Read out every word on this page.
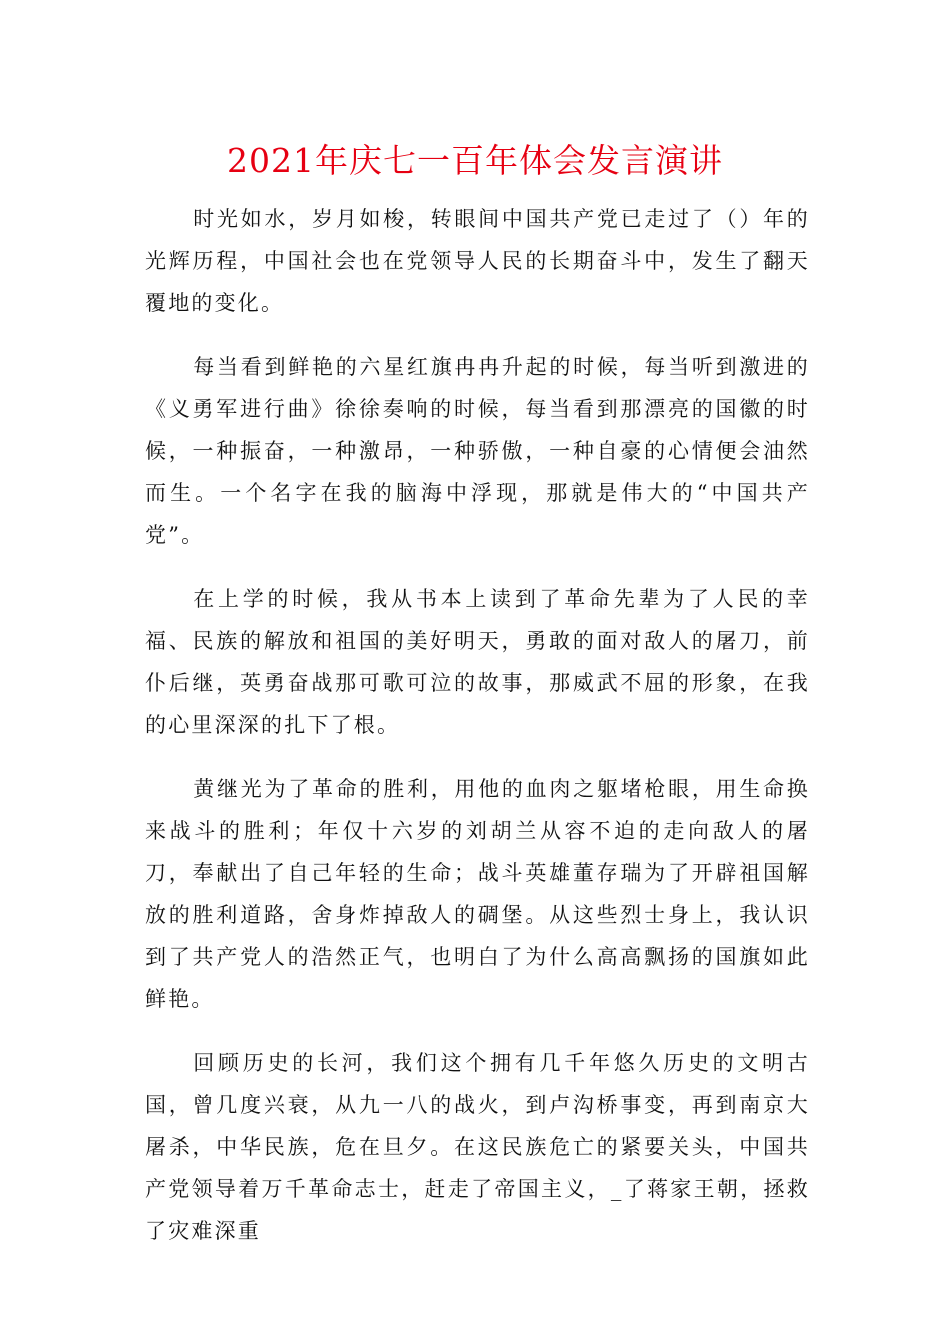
2021年庆七一百年体会发言演讲

时光如水，岁月如梭，转眼间中国共产党已走过了（）年的光辉历程，中国社会也在党领导人民的长期奋斗中，发生了翻天覆地的变化。

每当看到鲜艳的六星红旗冉冉升起的时候，每当听到激进的《义勇军进行曲》徐徐奏响的时候，每当看到那漂亮的国徽的时候，一种振奋，一种激昂，一种骄傲，一种自豪的心情便会油然而生。一个名字在我的脑海中浮现，那就是伟大的“中国共产党”。

在上学的时候，我从书本上读到了革命先辈为了人民的幸福、民族的解放和祖国的美好明天，勇敢的面对敌人的屠刀，前仆后继，英勇奋战那可歌可泣的故事，那威武不屈的形象，在我的心里深深的扎下了根。

黄继光为了革命的胜利，用他的血肉之躯堵枪眼，用生命换来战斗的胜利；年仅十六岁的刘胡兰从容不迫的走向敌人的屠刀，奉献出了自己年轻的生命；战斗英雄董存瑞为了开辟祖国解放的胜利道路，舍身炸掉敌人的碉堡。从这些烈士身上，我认识到了共产党人的浩然正气，也明白了为什么高高飘扬的国旗如此鲜艳。

回顾历史的长河，我们这个拥有几千年悠久历史的文明古国，曾几度兴衰，从九一八的战火，到卢沟桥事变，再到南京大屠杀，中华民族，危在旦夕。在这民族危亡的紧要关头，中国共产党领导着万千革命志士，赶走了帝国主义，_了蒋家王朝，拯救了灾难深重
